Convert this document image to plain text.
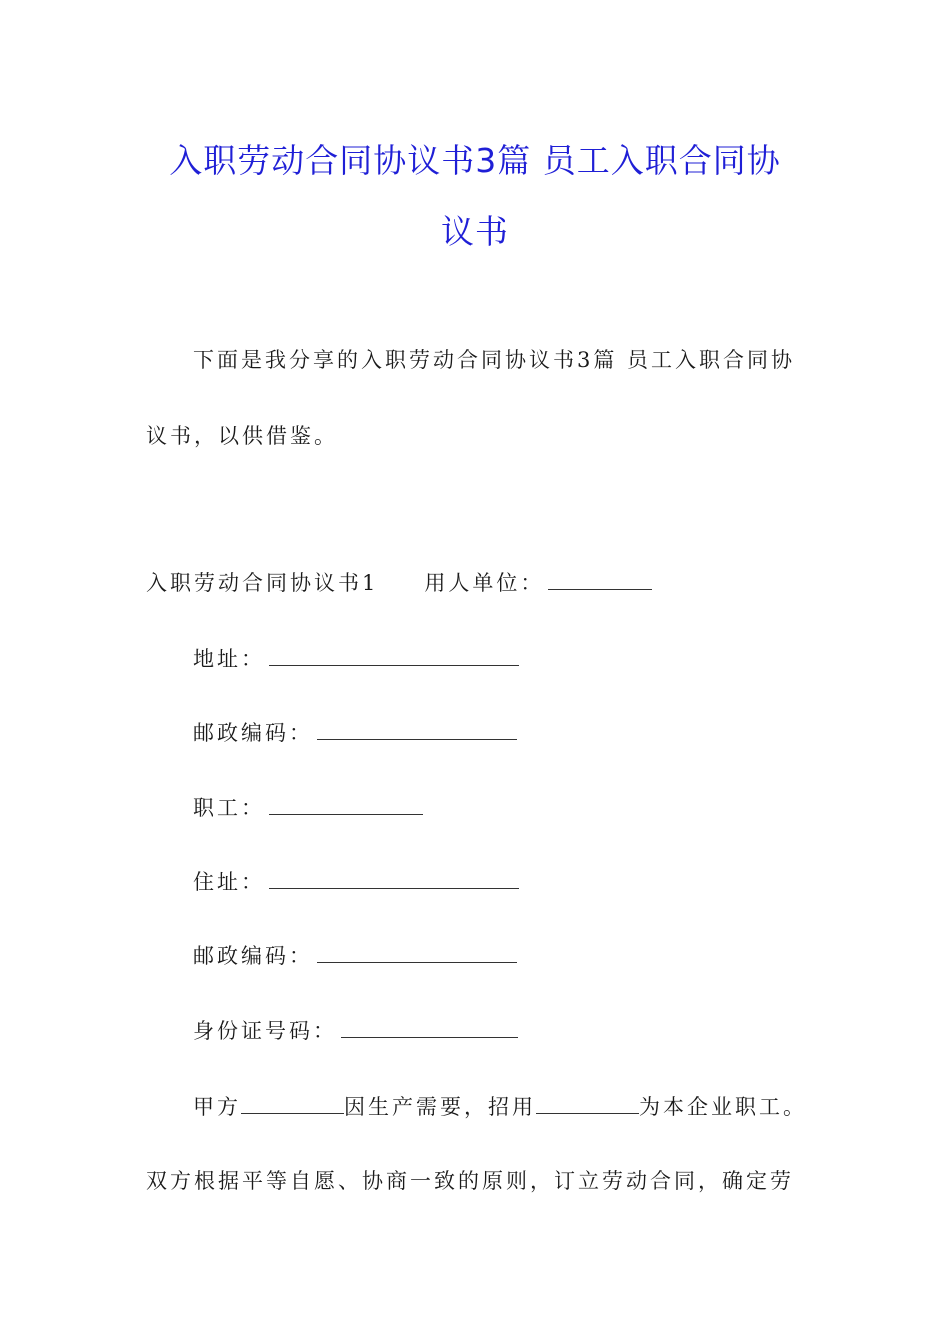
入职劳动合同协议书3篇 员工入职合同协
议书
下面是我分享的入职劳动合同协议书3篇 员工入职合同协
议书，以供借鉴。
入职劳动合同协议书1 用人单位：
地址：
邮政编码：
职工：
住址：
邮政编码：
身份证号码：
甲方	因生产需要，招用	为本企业职工。
双方根据平等自愿、协商一致的原则，订立劳动合同，确定劳
